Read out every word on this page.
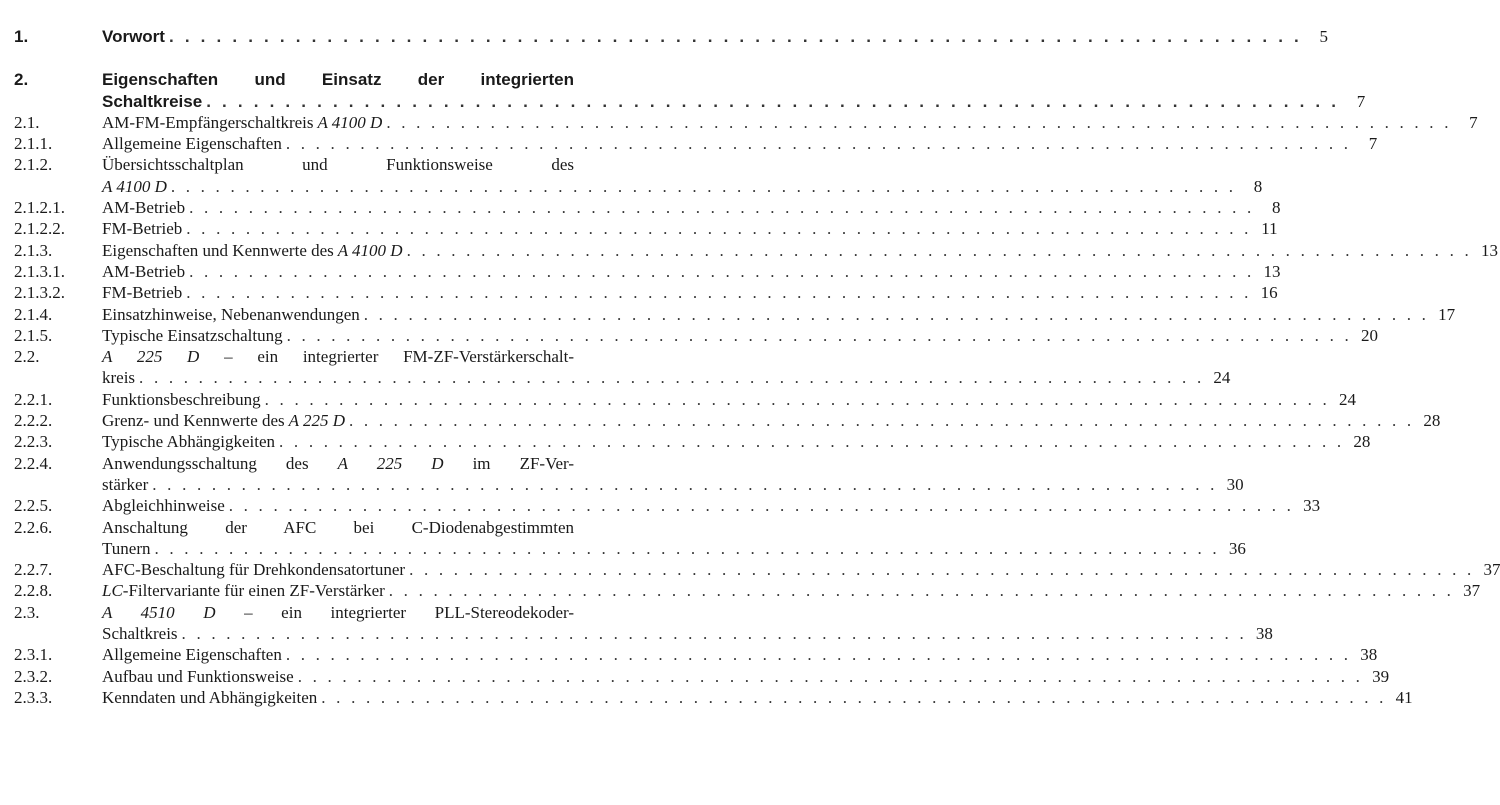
1.	Vorwort . . . . . . . . . . . . . . . . . . . . . . . . . . . . . . . . . . . . . . . . . . . . . . . . . . . . . . . . . . . . . . . . . . . . . . . .	5
2.	Eigenschaften und Einsatz der integrierten
Schaltkreise . . . . . . . . . . . . . . . . . . . . . . . . . . . . . . . . . . . . . . . . . . . . . . . . . . . . . . . . . . . . . . . . . . . . . . . .	7
2.1.	AM-FM-Empfängerschaltkreis A 4100 D . . . . . . . . . . . . . . . . . . . . . . . . . . . . . . . . . . . . . . . . . . . . . . . . . . . . . . . . . . . . . . . . . . . . . . . .	7
2.1.1.	Allgemeine Eigenschaften . . . . . . . . . . . . . . . . . . . . . . . . . . . . . . . . . . . . . . . . . . . . . . . . . . . . . . . . . . . . . . . . . . . . . . . .	7
2.1.2.	Übersichtsschaltplan und Funktionsweise des
A 4100 D . . . . . . . . . . . . . . . . . . . . . . . . . . . . . . . . . . . . . . . . . . . . . . . . . . . . . . . . . . . . . . . . . . . . . . . .	8
2.1.2.1. AM-Betrieb . . . . . . . . . . . . . . . . . . . . . . . . . . . . . . . . . . . . . . . . . . . . . . . . . . . . . . . . . . . . . . . . . . . . . . . .	8
2.1.2.2. FM-Betrieb . . . . . . . . . . . . . . . . . . . . . . . . . . . . . . . . . . . . . . . . . . . . . . . . . . . . . . . . . . . . . . . . . . . . . . . . 11
2.1.3.	Eigenschaften und Kennwerte des A 4100 D . . . . . . . . . . . . . . . . . . . . . . . . . . . . . . . . . . . . . . . . . . . . . . . . . . . . . . . . . . . . . . . . . . . . . . . . 13
2.1.3.1. AM-Betrieb . . . . . . . . . . . . . . . . . . . . . . . . . . . . . . . . . . . . . . . . . . . . . . . . . . . . . . . . . . . . . . . . . . . . . . . . 13
2.1.3.2. FM-Betrieb . . . . . . . . . . . . . . . . . . . . . . . . . . . . . . . . . . . . . . . . . . . . . . . . . . . . . . . . . . . . . . . . . . . . . . . . 16
2.1.4.	Einsatzhinweise, Nebenanwendungen . . . . . . . . . . . . . . . . . . . . . . . . . . . . . . . . . . . . . . . . . . . . . . . . . . . . . . . . . . . . . . . . . . . . . . . . 17
2.1.5.	Typische Einsatzschaltung . . . . . . . . . . . . . . . . . . . . . . . . . . . . . . . . . . . . . . . . . . . . . . . . . . . . . . . . . . . . . . . . . . . . . . . . 20
2.2.	A 225 D – ein integrierter FM-ZF-Verstärkerschalt-
kreis . . . . . . . . . . . . . . . . . . . . . . . . . . . . . . . . . . . . . . . . . . . . . . . . . . . . . . . . . . . . . . . . . . . . . . . . 24
2.2.1.	Funktionsbeschreibung . . . . . . . . . . . . . . . . . . . . . . . . . . . . . . . . . . . . . . . . . . . . . . . . . . . . . . . . . . . . . . . . . . . . . . . . 24
2.2.2.	Grenz- und Kennwerte des A 225 D . . . . . . . . . . . . . . . . . . . . . . . . . . . . . . . . . . . . . . . . . . . . . . . . . . . . . . . . . . . . . . . . . . . . . . . . 28
2.2.3.	Typische Abhängigkeiten . . . . . . . . . . . . . . . . . . . . . . . . . . . . . . . . . . . . . . . . . . . . . . . . . . . . . . . . . . . . . . . . . . . . . . . . 28
2.2.4.	Anwendungsschaltung des A 225 D im ZF-Ver-
stärker . . . . . . . . . . . . . . . . . . . . . . . . . . . . . . . . . . . . . . . . . . . . . . . . . . . . . . . . . . . . . . . . . . . . . . . . 30
2.2.5.	Abgleichhinweise . . . . . . . . . . . . . . . . . . . . . . . . . . . . . . . . . . . . . . . . . . . . . . . . . . . . . . . . . . . . . . . . . . . . . . . . 33
2.2.6.	Anschaltung der AFC bei C-Diodenabgestimmten
Tunern . . . . . . . . . . . . . . . . . . . . . . . . . . . . . . . . . . . . . . . . . . . . . . . . . . . . . . . . . . . . . . . . . . . . . . . . 36
2.2.7.	AFC-Beschaltung für Drehkondensatortuner . . . . . . . . . . . . . . . . . . . . . . . . . . . . . . . . . . . . . . . . . . . . . . . . . . . . . . . . . . . . . . . . . . . . . . . . 37
2.2.8.	LC-Filtervariante für einen ZF-Verstärker . . . . . . . . . . . . . . . . . . . . . . . . . . . . . . . . . . . . . . . . . . . . . . . . . . . . . . . . . . . . . . . . . . . . . . . . 37
2.3.	A 4510 D – ein integrierter PLL-Stereodekoder-
Schaltkreis . . . . . . . . . . . . . . . . . . . . . . . . . . . . . . . . . . . . . . . . . . . . . . . . . . . . . . . . . . . . . . . . . . . . . . . . 38
2.3.1.	Allgemeine Eigenschaften . . . . . . . . . . . . . . . . . . . . . . . . . . . . . . . . . . . . . . . . . . . . . . . . . . . . . . . . . . . . . . . . . . . . . . . . 38
2.3.2.	Aufbau und Funktionsweise . . . . . . . . . . . . . . . . . . . . . . . . . . . . . . . . . . . . . . . . . . . . . . . . . . . . . . . . . . . . . . . . . . . . . . . . 39
2.3.3.	Kenndaten und Abhängigkeiten . . . . . . . . . . . . . . . . . . . . . . . . . . . . . . . . . . . . . . . . . . . . . . . . . . . . . . . . . . . . . . . . . . . . . . . . 41
